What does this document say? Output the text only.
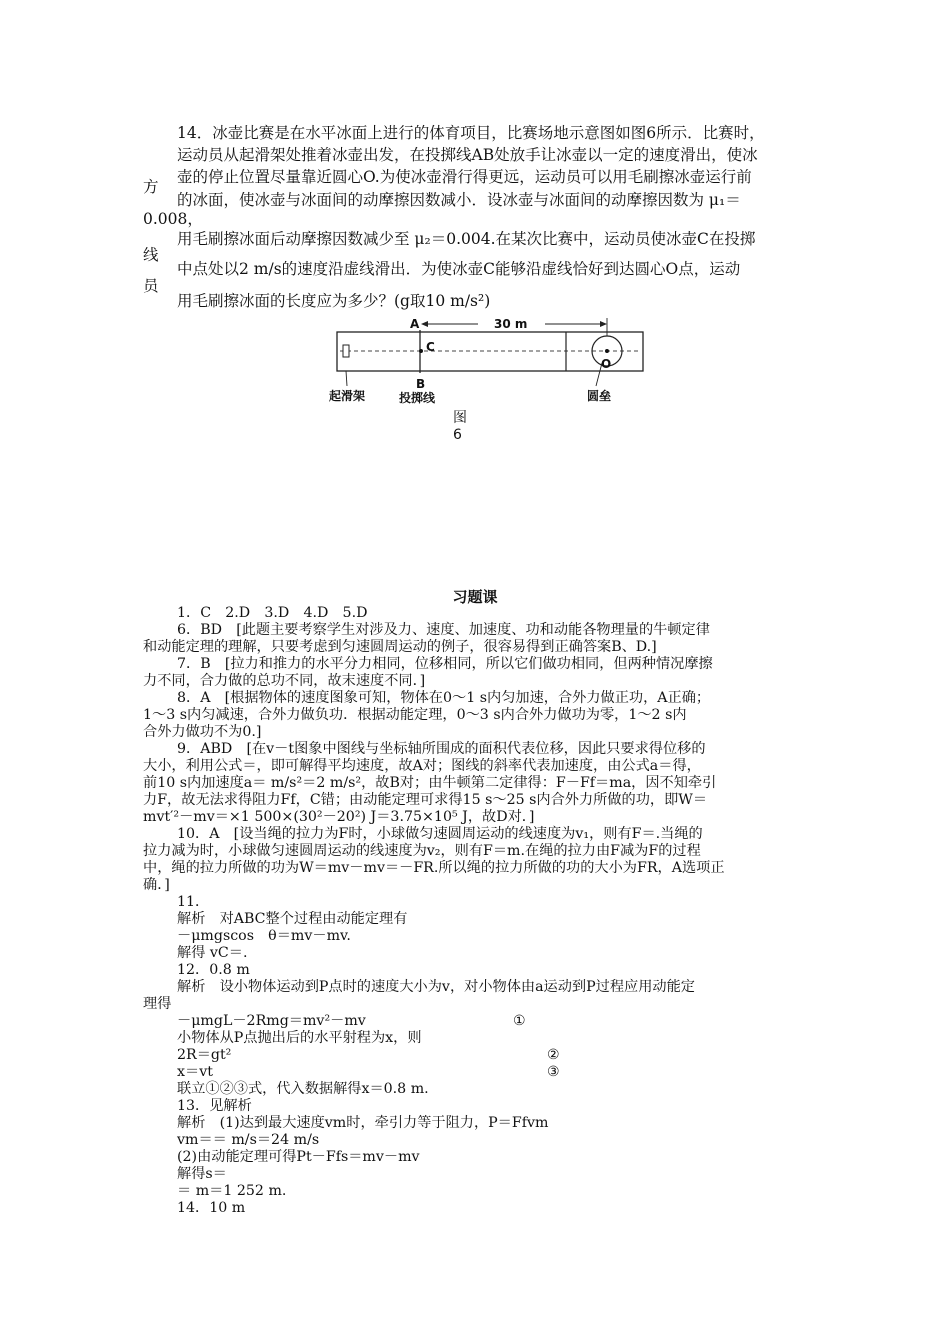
14．冰壶比赛是在水平冰面上进行的体育项目，比赛场地示意图如图6所示．比赛时，
运动员从起滑架处推着冰壶出发，在投掷线AB处放手让冰壶以一定的速度滑出，使冰
壶的停止位置尽量靠近圆心O.为使冰壶滑行得更远，运动员可以用毛刷擦冰壶运行前
方
的冰面，使冰壶与冰面间的动摩擦因数减小．设冰壶与冰面间的动摩擦因数为 μ₁＝
0.008，
用毛刷擦冰面后动摩擦因数减少至 μ₂＝0.004.在某次比赛中，运动员使冰壶C在投掷
线
中点处以2 m/s的速度沿虚线滑出．为使冰壶C能够沿虚线恰好到达圆心O点，运动
员
用毛刷擦冰面的长度应为多少？(g取10 m/s²)
A
C
B
O
30 m
起滑架	投掷线	圆垒
图6
习题课
1．C　2.D　3.D　4.D　5.D
6．BD　[此题主要考察学生对涉及力、速度、加速度、功和动能各物理量的牛顿定律
和动能定理的理解，只要考虑到匀速圆周运动的例子，很容易得到正确答案B、D.]
7．B　[拉力和推力的水平分力相同，位移相同，所以它们做功相同，但两种情况摩擦
力不同，合力做的总功不同，故末速度不同．]
8．A　[根据物体的速度图象可知，物体在0～1 s内匀加速，合外力做正功，A正确；
1～3 s内匀减速，合外力做负功．根据动能定理，0～3 s内合外力做功为零，1～2 s内
合外力做功不为0.]
9．ABD　[在v－t图象中图线与坐标轴所围成的面积代表位移，因此只要求得位移的
大小，利用公式＝，即可解得平均速度，故A对；图线的斜率代表加速度，由公式a＝得，
前10 s内加速度a＝ m/s²＝2 m/s²，故B对；由牛顿第二定律得：F－Ff＝ma，因不知牵引
力F，故无法求得阻力Ff，C错；由动能定理可求得15 s～25 s内合外力所做的功，即W＝
mvt′²－mv＝×1 500×(30²－20²) J＝3.75×10⁵ J，故D对．]
10．A　[设当绳的拉力为F时，小球做匀速圆周运动的线速度为v₁，则有F＝.当绳的
拉力减为时，小球做匀速圆周运动的线速度为v₂，则有F＝m.在绳的拉力由F减为F的过程
中，绳的拉力所做的功为W＝mv－mv＝－FR.所以绳的拉力所做的功的大小为FR，A选项正
确．]
11．
解析　对ABC整个过程由动能定理有
－μmgscos　θ＝mv－mv.
解得 vC＝.
12．0.8 m
解析　设小物体运动到P点时的速度大小为v，对小物体由a运动到P过程应用动能定
理得
－μmgL－2Rmg＝mv²－mv
小物体从P点抛出后的水平射程为x，则
2R＝gt²
x＝vt
联立①②③式，代入数据解得x＝0.8 m.
13．见解析
解析　(1)达到最大速度vm时，牵引力等于阻力，P＝Ffvm
vm＝＝ m/s＝24 m/s
(2)由动能定理可得Pt－Ffs＝mv－mv
解得s＝
＝ m＝1 252 m.
14．10 m
①
②
③
